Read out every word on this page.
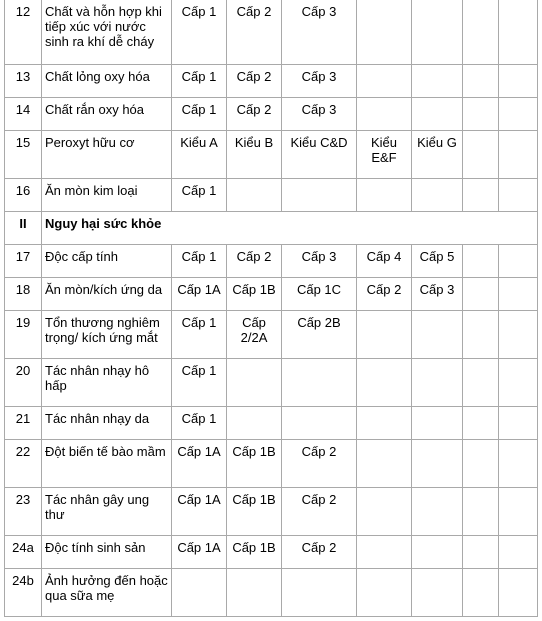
12	Chất và hỗn hợp khi tiếp xúc với nước sinh ra khí dễ cháy	Cấp 1	Cấp 2	Cấp 3				
13	Chất lỏng oxy hóa	Cấp 1	Cấp 2	Cấp 3				
14	Chất rắn oxy hóa	Cấp 1	Cấp 2	Cấp 3				
15	Peroxyt hữu cơ	Kiểu A	Kiểu B	Kiểu C&D	Kiểu E&F	Kiểu G		
16	Ăn mòn kim loại	Cấp 1						
II	Nguy hại sức khỏe							
17	Độc cấp tính	Cấp 1	Cấp 2	Cấp 3	Cấp 4	Cấp 5		
18	Ăn mòn/kích ứng da	Cấp 1A	Cấp 1B	Cấp 1C	Cấp 2	Cấp 3		
19	Tổn thương nghiêm trọng/ kích ứng mắt	Cấp 1	Cấp 2/2A	Cấp 2B				
20	Tác nhân nhạy hô hấp	Cấp 1						
21	Tác nhân nhạy da	Cấp 1						
22	Đột biến tế bào mầm	Cấp 1A	Cấp 1B	Cấp 2				
23	Tác nhân gây ung thư	Cấp 1A	Cấp 1B	Cấp 2				
24a	Độc tính sinh sản	Cấp 1A	Cấp 1B	Cấp 2				
24b	Ảnh hưởng đến hoặc qua sữa mẹ							
